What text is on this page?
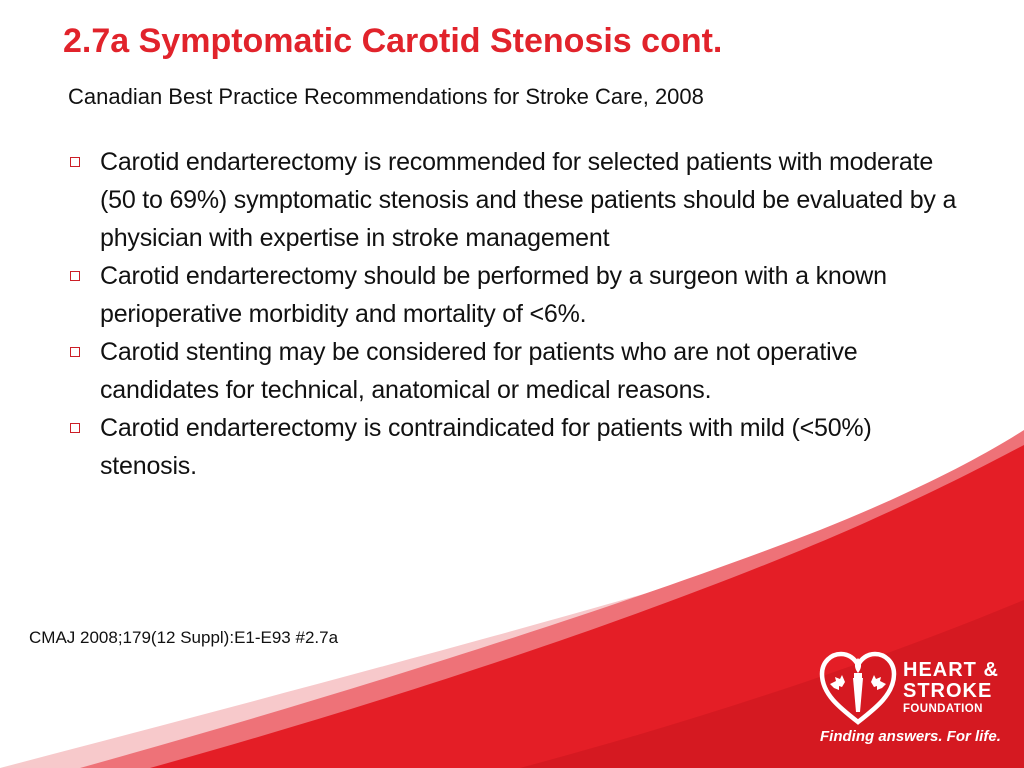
2.7a Symptomatic Carotid Stenosis cont.

Canadian Best Practice Recommendations for Stroke Care, 2008

Carotid endarterectomy is recommended for selected patients with moderate (50 to 69%) symptomatic stenosis and these patients should be evaluated by a physician with expertise in stroke management
Carotid endarterectomy should be performed by a surgeon with a known perioperative morbidity and mortality of <6%.
Carotid stenting may be considered for patients who are not operative candidates for technical, anatomical or medical reasons.
Carotid endarterectomy is contraindicated for patients with mild (<50%) stenosis.

CMAJ 2008;179(12 Suppl):E1-E93 #2.7a

HEART &
STROKE
FOUNDATION
Finding answers. For life.
